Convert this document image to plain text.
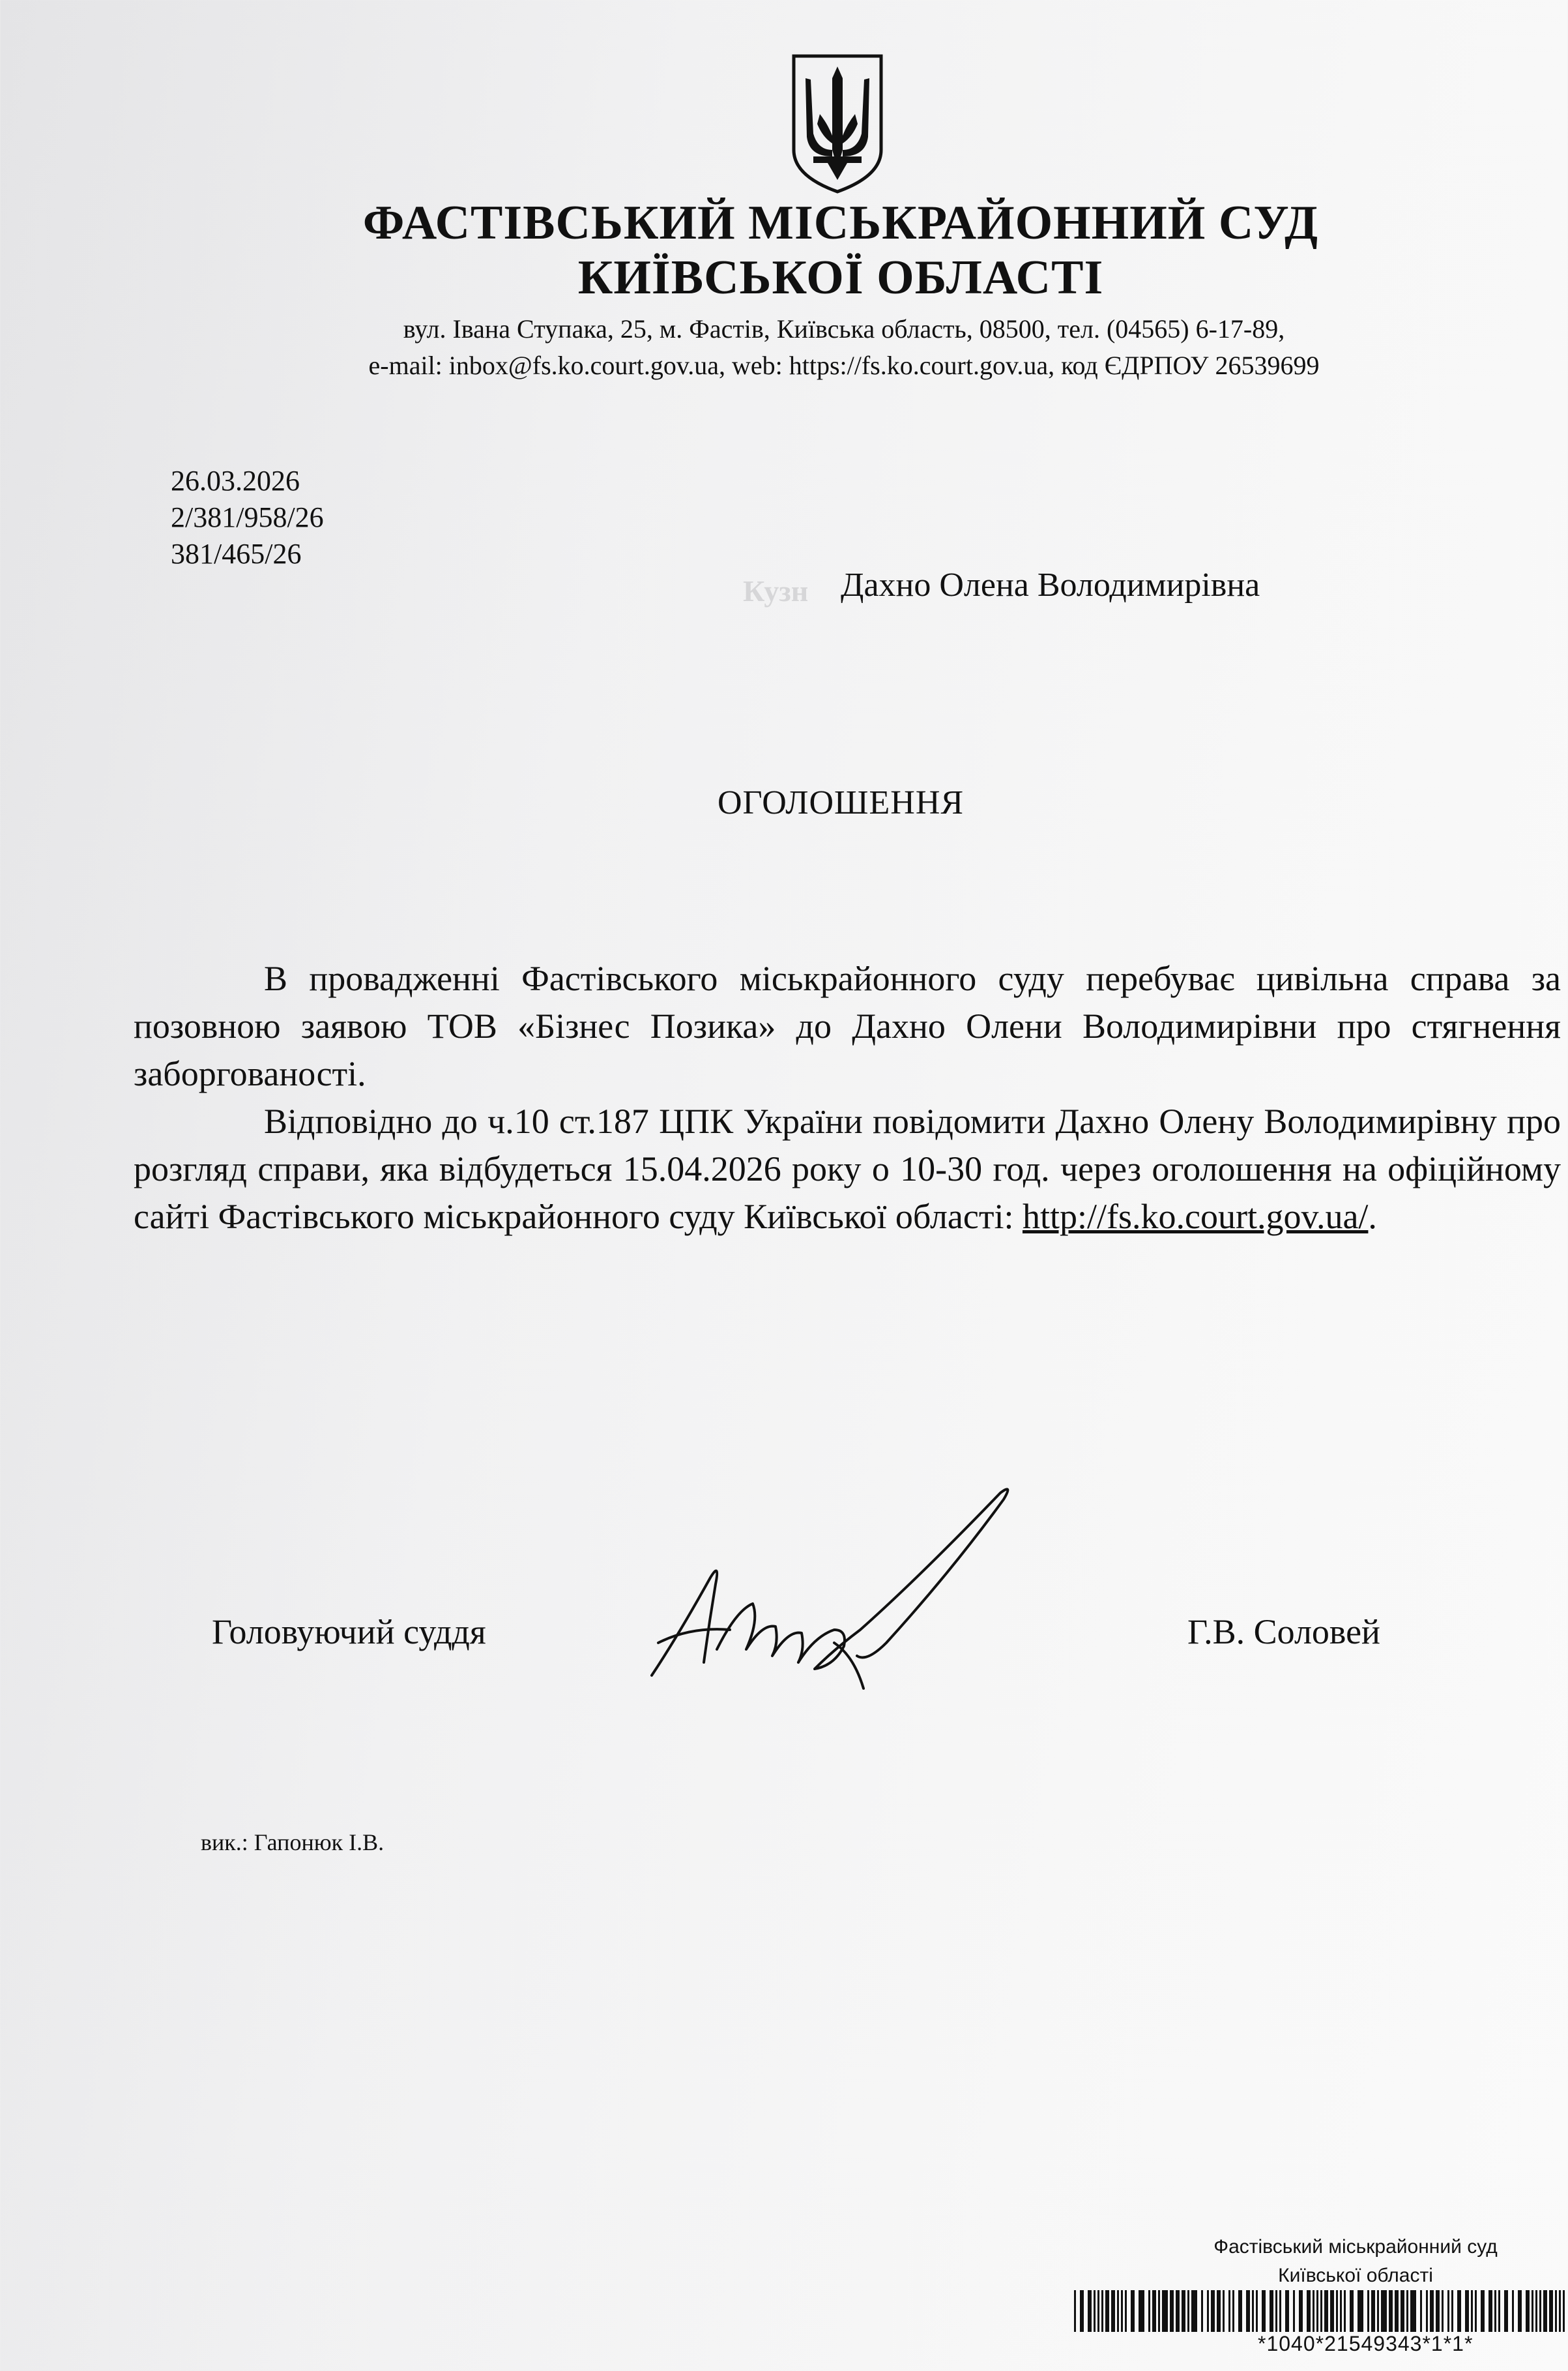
ФАСТІВСЬКИЙ МІСЬКРАЙОННИЙ СУД
КИЇВСЬКОЇ ОБЛАСТІ
вул. Івана Ступака, 25, м. Фастів, Київська область, 08500, тел. (04565) 6-17-89,
e-mail: inbox@fs.ko.court.gov.ua, web: https://fs.ko.court.gov.ua, код ЄДРПОУ 26539699
26.03.2026
2/381/958/26
381/465/26
Кузн Дахно Олена Володимирівна
ОГОЛОШЕННЯ

В провадженні Фастівського міськрайонного суду перебуває цивільна справа за позовною заявою ТОВ «Бізнес Позика» до Дахно Олени Володимирівни про стягнення заборгованості.

Відповідно до ч.10 ст.187 ЦПК України повідомити Дахно Олену Володимирівну про розгляд справи, яка відбудеться 15.04.2026 року о 10-30 год. через оголошення на офіційному сайті Фастівського міськрайонного суду Київської області: http://fs.ko.court.gov.ua/.

Головуючий суддя	Г.В. Соловей
вик.: Гапонюк І.В.
Фастівський міськрайонний суд
Київської області
*1040*21549343*1*1*
